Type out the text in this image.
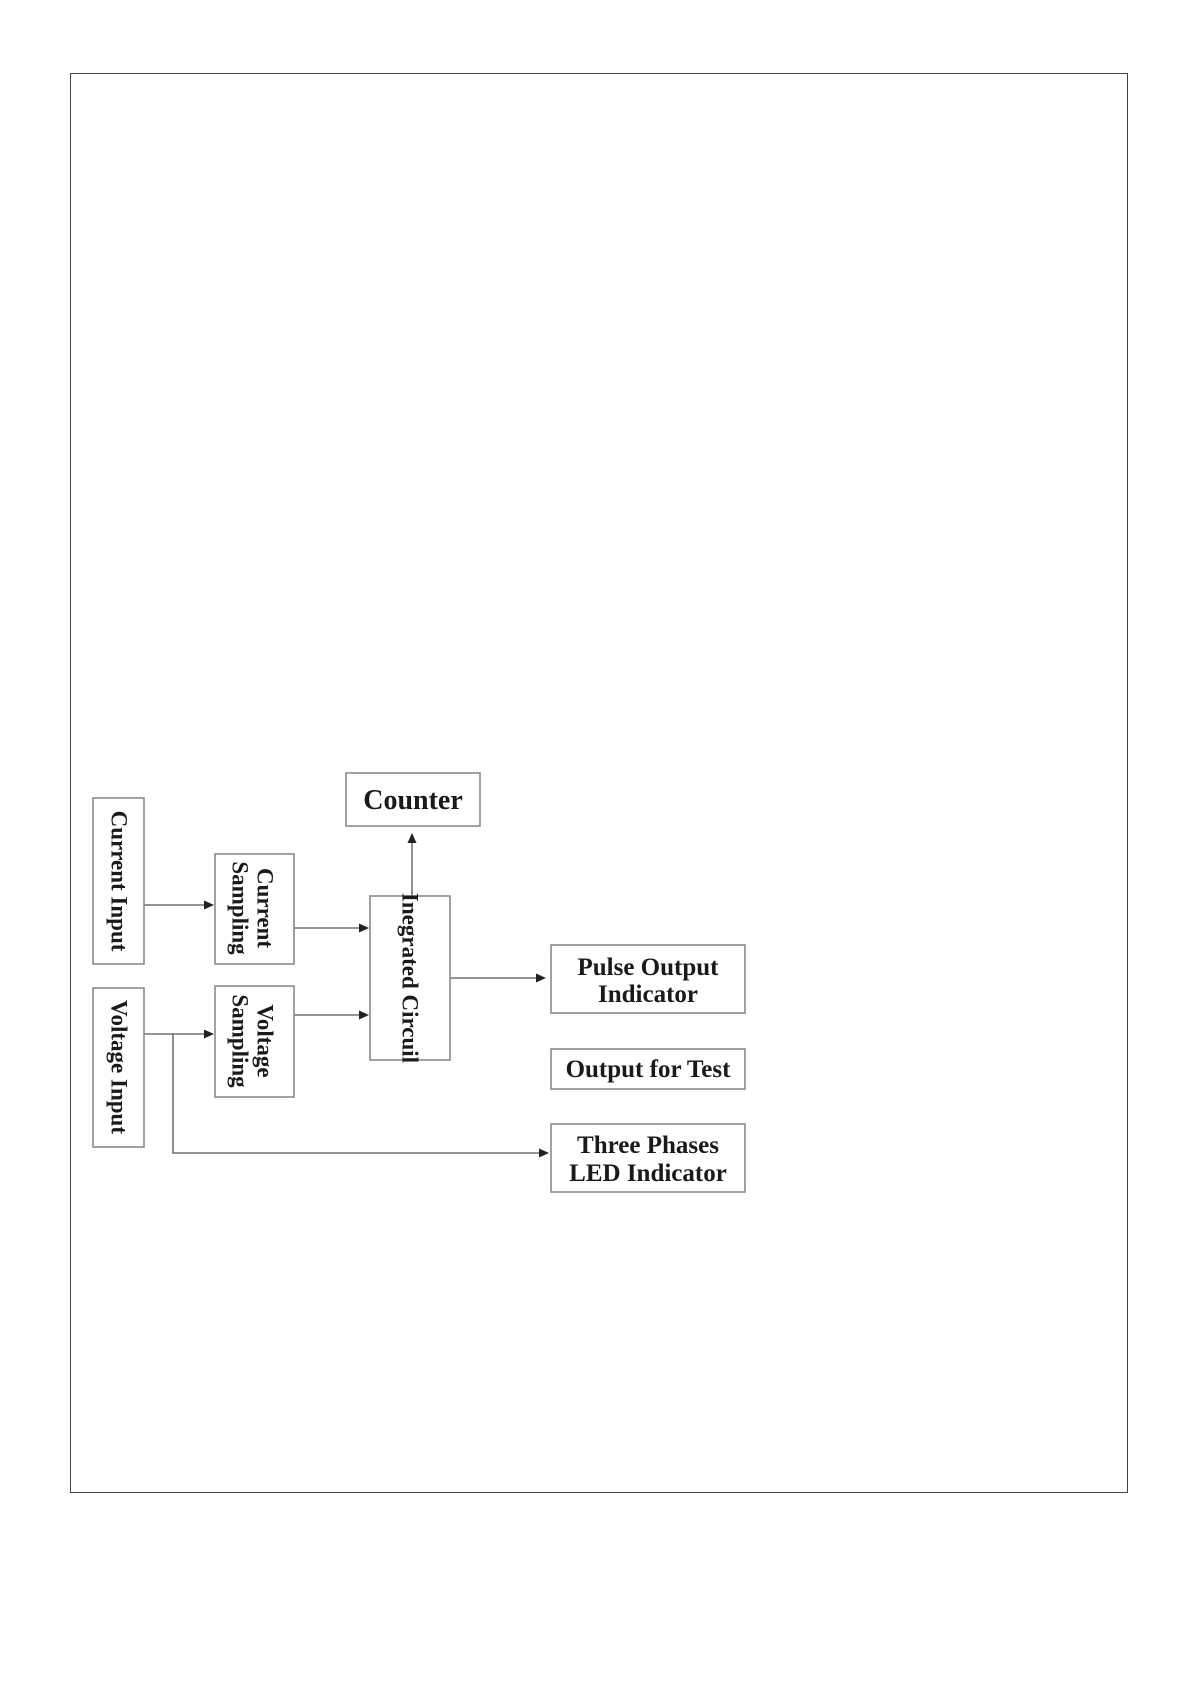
Counter
Current Input	Current
Sampling
Voltage Input	Voltage
Sampling	Inegrated Circuil	Pulse Output
Indicator
Output for Test
Three Phases
LED Indicator
